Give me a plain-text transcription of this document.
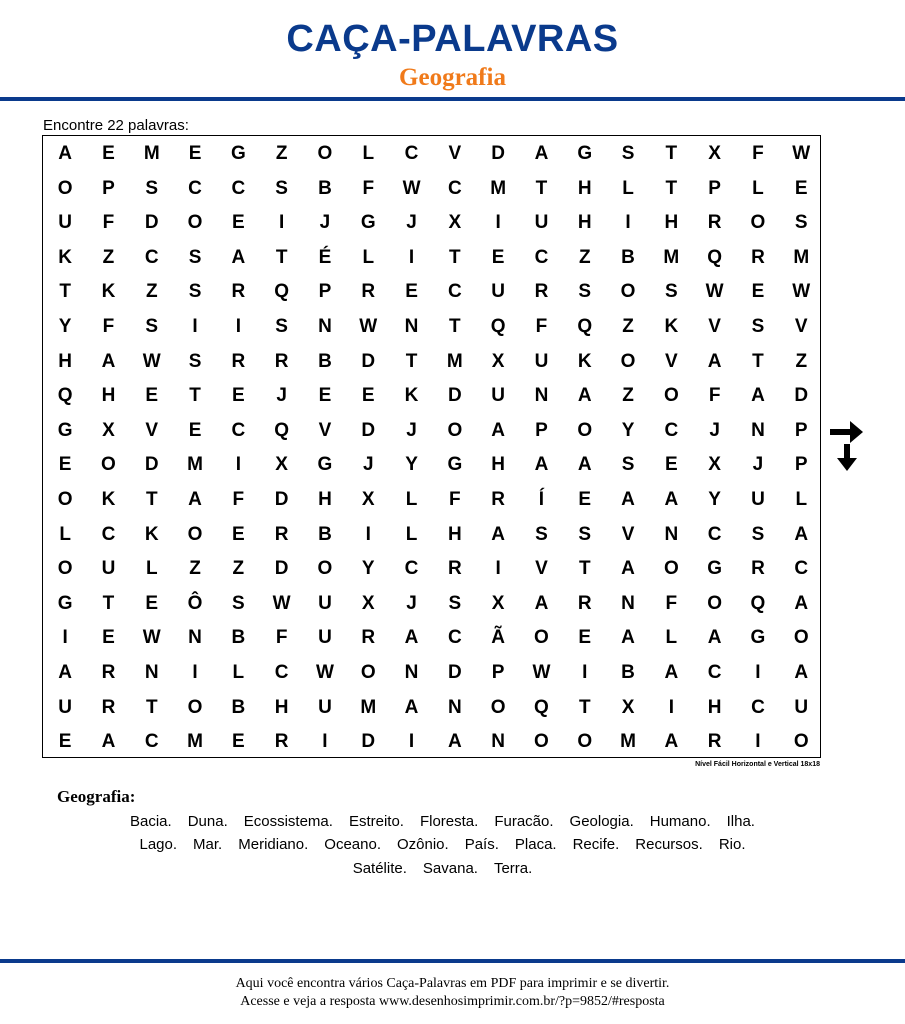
CAÇA-PALAVRAS
Geografia
Encontre 22 palavras:
A	E	M	E	G	Z	O	L	C	V	D	A	G	S	T	X	F	W
O	P	S	C	C	S	B	F	W	C	M	T	H	L	T	P	L	E
U	F	D	O	E	I	J	G	J	X	I	U	H	I	H	R	O	S
K	Z	C	S	A	T	É	L	I	T	E	C	Z	B	M	Q	R	M
T	K	Z	S	R	Q	P	R	E	C	U	R	S	O	S	W	E	W
Y	F	S	I	I	S	N	W	N	T	Q	F	Q	Z	K	V	S	V
H	A	W	S	R	R	B	D	T	M	X	U	K	O	V	A	T	Z
Q	H	E	T	E	J	E	E	K	D	U	N	A	Z	O	F	A	D
G	X	V	E	C	Q	V	D	J	O	A	P	O	Y	C	J	N	P
E	O	D	M	I	X	G	J	Y	G	H	A	A	S	E	X	J	P
O	K	T	A	F	D	H	X	L	F	R	Í	E	A	A	Y	U	L
L	C	K	O	E	R	B	I	L	H	A	S	S	V	N	C	S	A
O	U	L	Z	Z	D	O	Y	C	R	I	V	T	A	O	G	R	C
G	T	E	Ô	S	W	U	X	J	S	X	A	R	N	F	O	Q	A
I	E	W	N	B	F	U	R	A	C	Ã	O	E	A	L	A	G	O
A	R	N	I	L	C	W	O	N	D	P	W	I	B	A	C	I	A
U	R	T	O	B	H	U	M	A	N	O	Q	T	X	I	H	C	U
E	A	C	M	E	R	I	D	I	A	N	O	O	M	A	R	I	O
Nível Fácil Horizontal e Vertical 18x18
Geografia:
Bacia. Duna. Ecossistema. Estreito. Floresta. Furacão. Geologia. Humano. Ilha.
Lago. Mar. Meridiano. Oceano. Ozônio. País. Placa. Recife. Recursos. Rio.
Satélite. Savana. Terra.
Aqui você encontra vários Caça-Palavras em PDF para imprimir e se divertir.
Acesse e veja a resposta www.desenhosimprimir.com.br/?p=9852/#resposta
